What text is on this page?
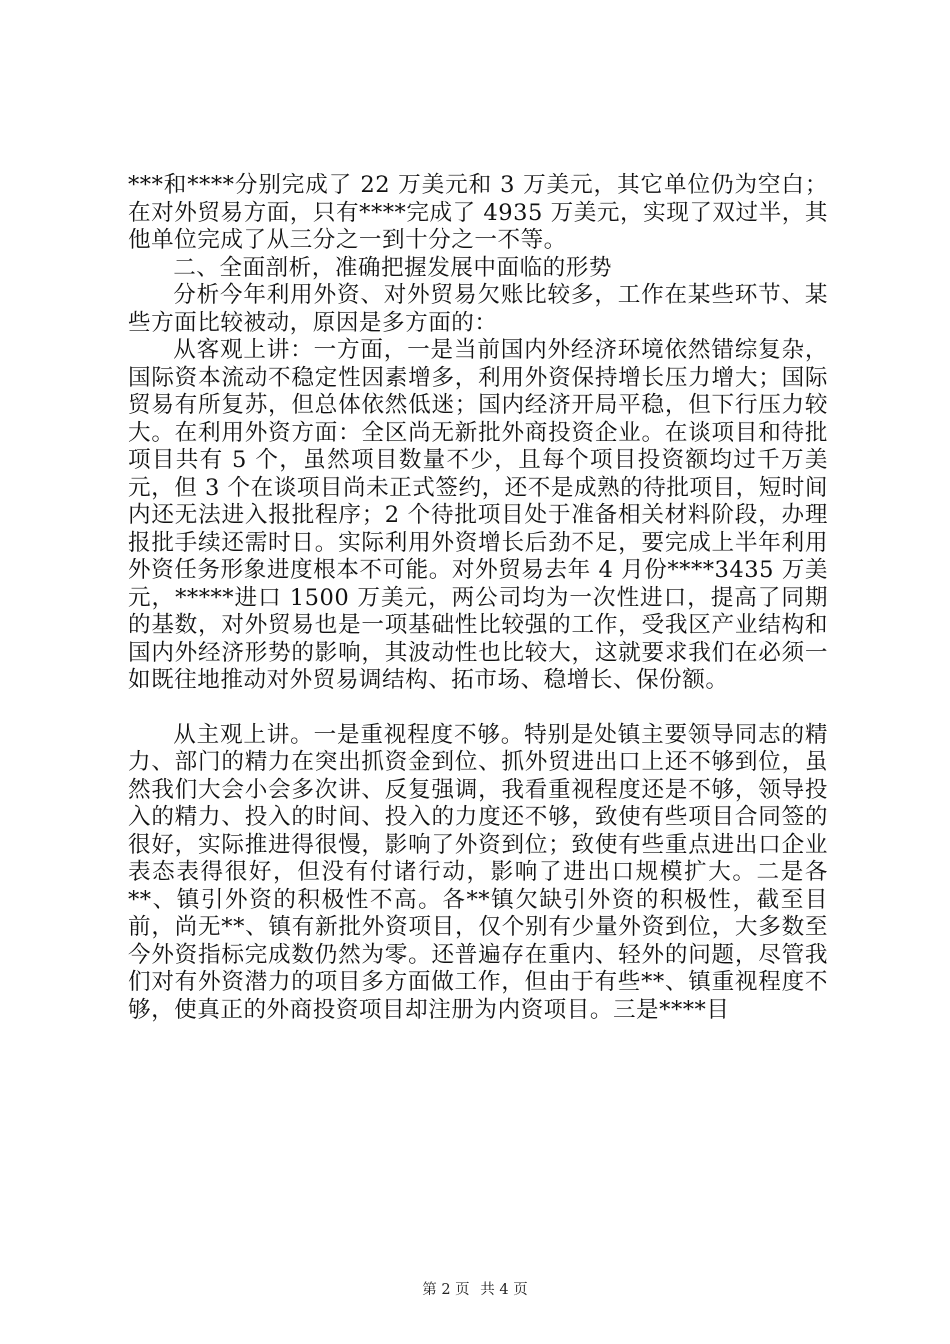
***和****分别完成了 22 万美元和 3 万美元，其它单位仍为空白；在对外贸易方面，只有****完成了 4935 万美元，实现了双过半，其他单位完成了从三分之一到十分之一不等。

二、全面剖析，准确把握发展中面临的形势

分析今年利用外资、对外贸易欠账比较多，工作在某些环节、某些方面比较被动，原因是多方面的：

从客观上讲：一方面，一是当前国内外经济环境依然错综复杂，国际资本流动不稳定性因素增多，利用外资保持增长压力增大；国际贸易有所复苏，但总体依然低迷；国内经济开局平稳，但下行压力较大。在利用外资方面：全区尚无新批外商投资企业。在谈项目和待批项目共有 5 个，虽然项目数量不少，且每个项目投资额均过千万美元，但 3 个在谈项目尚未正式签约，还不是成熟的待批项目，短时间内还无法进入报批程序；2 个待批项目处于准备相关材料阶段，办理报批手续还需时日。实际利用外资增长后劲不足，要完成上半年利用外资任务形象进度根本不可能。对外贸易去年 4 月份****3435 万美元，*****进口 1500 万美元，两公司均为一次性进口，提高了同期的基数，对外贸易也是一项基础性比较强的工作，受我区产业结构和国内外经济形势的影响，其波动性也比较大，这就要求我们在必须一如既往地推动对外贸易调结构、拓市场、稳增长、保份额。

从主观上讲。一是重视程度不够。特别是处镇主要领导同志的精力、部门的精力在突出抓资金到位、抓外贸进出口上还不够到位，虽然我们大会小会多次讲、反复强调，我看重视程度还是不够，领导投入的精力、投入的时间、投入的力度还不够，致使有些项目合同签的很好，实际推进得很慢，影响了外资到位；致使有些重点进出口企业表态表得很好，但没有付诸行动，影响了进出口规模扩大。二是各**、镇引外资的积极性不高。各**镇欠缺引外资的积极性，截至目前，尚无**、镇有新批外资项目，仅个别有少量外资到位，大多数至今外资指标完成数仍然为零。还普遍存在重内、轻外的问题，尽管我们对有外资潜力的项目多方面做工作，但由于有些**、镇重视程度不够，使真正的外商投资项目却注册为内资项目。三是****目

第 2 页 共 4 页
